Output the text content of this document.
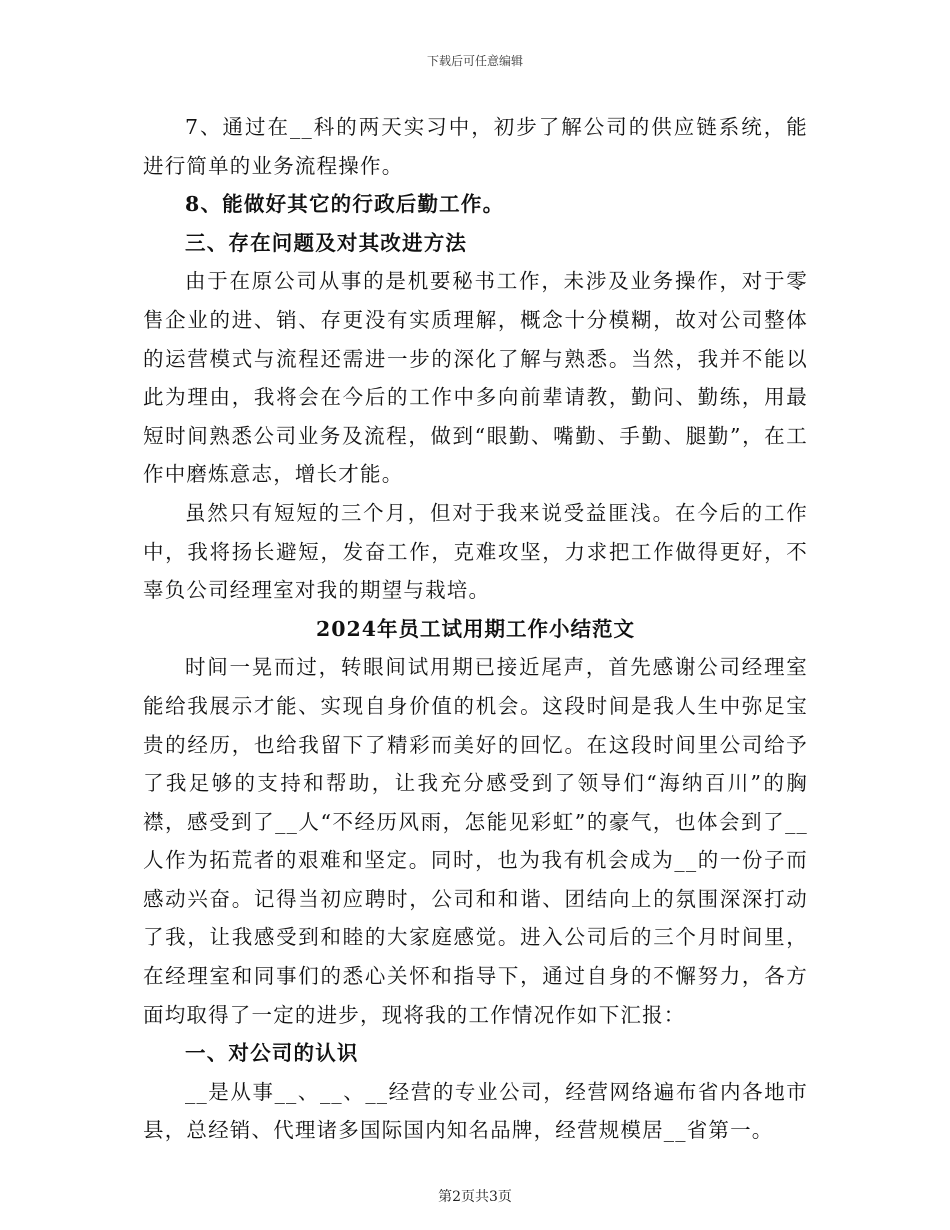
下载后可任意编辑

7、通过在__科的两天实习中，初步了解公司的供应链系统，能进行简单的业务流程操作。

8、能做好其它的行政后勤工作。

三、存在问题及对其改进方法

由于在原公司从事的是机要秘书工作，未涉及业务操作，对于零售企业的进、销、存更没有实质理解，概念十分模糊，故对公司整体的运营模式与流程还需进一步的深化了解与熟悉。当然，我并不能以此为理由，我将会在今后的工作中多向前辈请教，勤问、勤练，用最短时间熟悉公司业务及流程，做到“眼勤、嘴勤、手勤、腿勤”，在工作中磨炼意志，增长才能。

虽然只有短短的三个月，但对于我来说受益匪浅。在今后的工作中，我将扬长避短，发奋工作，克难攻坚，力求把工作做得更好，不辜负公司经理室对我的期望与栽培。

2024年员工试用期工作小结范文

时间一晃而过，转眼间试用期已接近尾声，首先感谢公司经理室能给我展示才能、实现自身价值的机会。这段时间是我人生中弥足宝贵的经历，也给我留下了精彩而美好的回忆。在这段时间里公司给予了我足够的支持和帮助，让我充分感受到了领导们“海纳百川”的胸襟，感受到了__人“不经历风雨，怎能见彩虹”的豪气，也体会到了__人作为拓荒者的艰难和坚定。同时，也为我有机会成为__的一份子而感动兴奋。记得当初应聘时，公司和和谐、团结向上的氛围深深打动了我，让我感受到和睦的大家庭感觉。进入公司后的三个月时间里，在经理室和同事们的悉心关怀和指导下，通过自身的不懈努力，各方面均取得了一定的进步，现将我的工作情况作如下汇报：

一、对公司的认识

__是从事__、__、__经营的专业公司，经营网络遍布省内各地市县，总经销、代理诸多国际国内知名品牌，经营规模居__省第一。

第2页共3页
